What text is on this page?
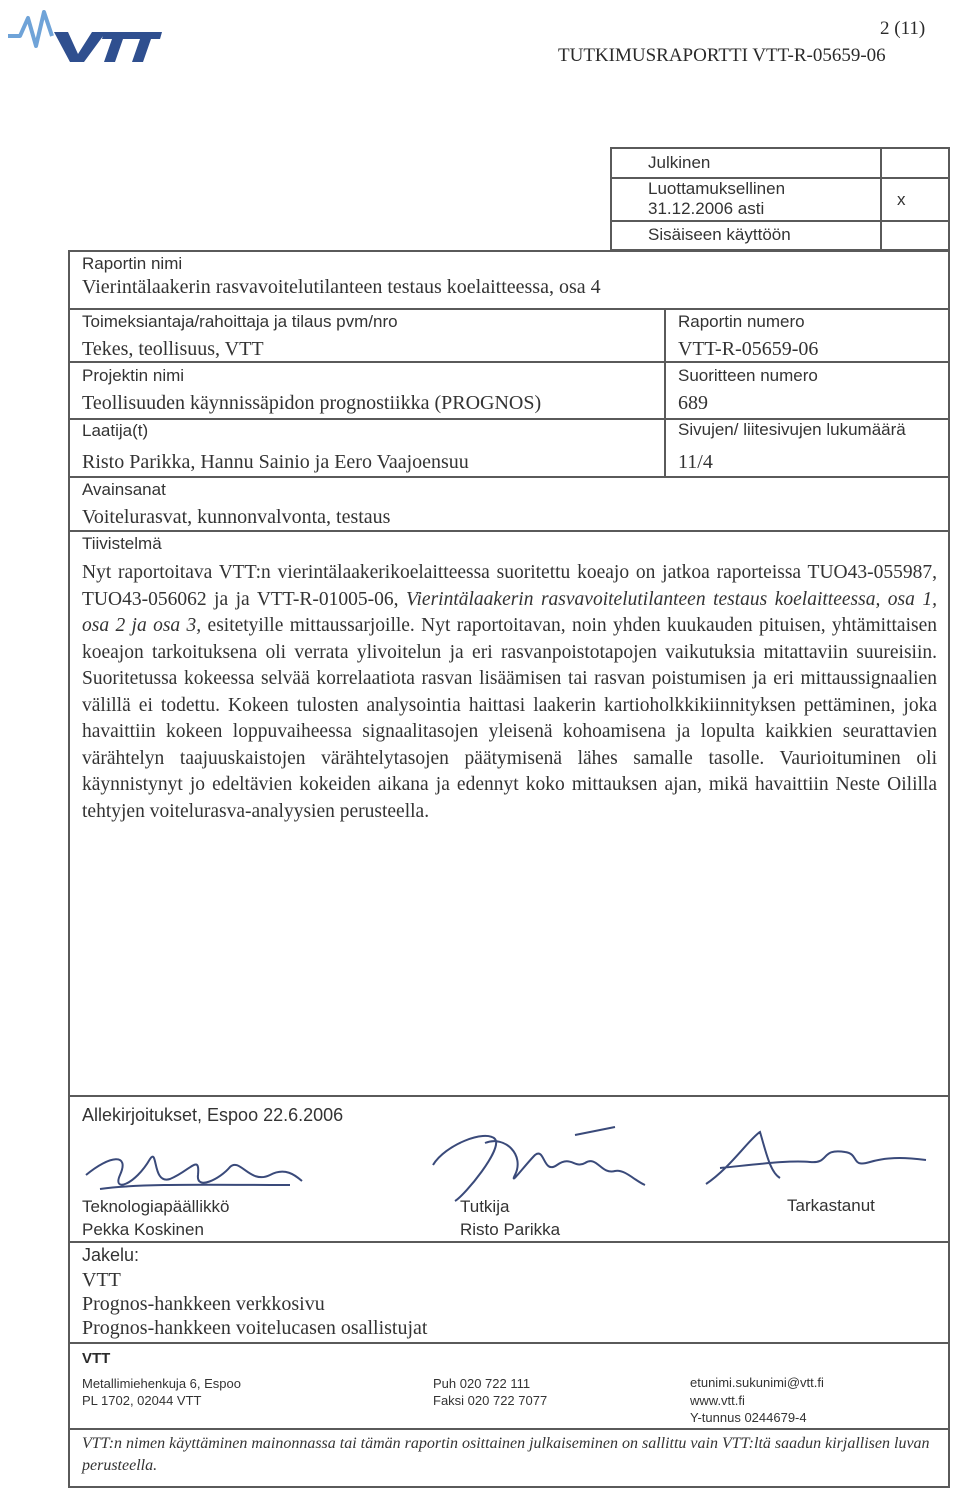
2 (11)
TUTKIMUSRAPORTTI VTT-R-05659-06
Julkinen
Luottamuksellinen
31.12.2006 asti	x
Sisäiseen käyttöön
Raportin nimi
Vierintälaakerin rasvavoitelutilanteen testaus koelaitteessa, osa 4
Toimeksiantaja/rahoittaja ja tilaus pvm/nro
Tekes, teollisuus, VTT
Raportin numero
VTT-R-05659-06
Projektin nimi
Teollisuuden käynnissäpidon prognostiikka (PROGNOS)
Suoritteen numero
689
Laatija(t)
Risto Parikka, Hannu Sainio ja Eero Vaajoensuu
Sivujen/ liitesivujen lukumäärä
11/4
Avainsanat
Voitelurasvat, kunnonvalvonta, testaus
Tiivistelmä
Nyt raportoitava VTT:n vierintälaakerikoelaitteessa suoritettu koeajo on jatkoa raporteissa TUO43-055987, TUO43-056062 ja ja VTT-R-01005-06, Vierintälaakerin rasvavoitelutilanteen testaus koelaitteessa, osa 1, osa 2 ja osa 3, esitetyille mittaussarjoille. Nyt raportoitavan, noin yhden kuukauden pituisen, yhtämittaisen koeajon tarkoituksena oli verrata ylivoitelun ja eri rasvanpoistotapojen vaikutuksia mitattaviin suureisiin. Suoritetussa kokeessa selvää korrelaatiota rasvan lisäämisen tai rasvan poistumisen ja eri mittaussignaalien välillä ei todettu. Kokeen tulosten analysointia haittasi laakerin kartioholkkikiinnityksen pettäminen, joka havaittiin kokeen loppuvaiheessa signaalitasojen yleisenä kohoamisena ja lopulta kaikkien seurattavien värähtelyn taajuuskaistojen värähtelytasojen päätymisenä lähes samalle tasolle. Vaurioituminen oli käynnistynyt jo edeltävien kokeiden aikana ja edennyt koko mittauksen ajan, mikä havaittiin Neste Oililla tehtyjen voitelurasva-analyysien perusteella.
Allekirjoitukset, Espoo 22.6.2006
Teknologiapäällikkö
Pekka Koskinen
Tutkija
Risto Parikka
Tarkastanut
Jakelu:
VTT
Prognos-hankkeen verkkosivu
Prognos-hankkeen voitelucasen osallistujat
VTT
Metallimiehenkuja 6, Espoo
PL 1702, 02044 VTT
Puh 020 722 111
Faksi 020 722 7077
etunimi.sukunimi@vtt.fi
www.vtt.fi
Y-tunnus 0244679-4
VTT:n nimen käyttäminen mainonnassa tai tämän raportin osittainen julkaiseminen on sallittu vain VTT:ltä saadun kirjallisen luvan perusteella.
